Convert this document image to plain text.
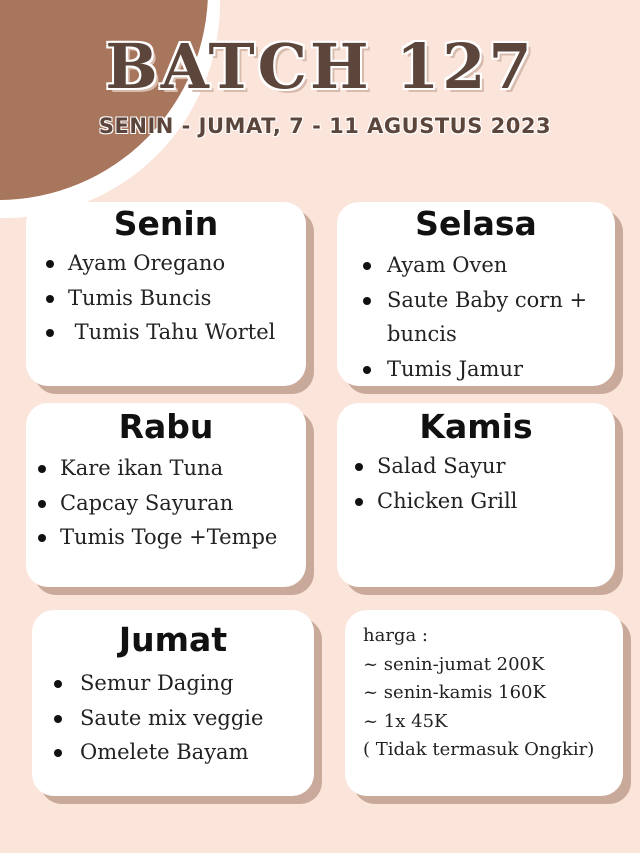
BATCH 127
SENIN - JUMAT, 7 - 11 AGUSTUS 2023
Senin
Ayam Oregano
Tumis Buncis
Tumis Tahu Wortel
Selasa
Ayam Oven
Saute Baby corn +
buncis
Tumis Jamur
Rabu
Kare ikan Tuna
Capcay Sayuran
Tumis Toge +Tempe
Kamis
Salad Sayur
Chicken Grill
Jumat
Semur Daging
Saute mix veggie
Omelete Bayam
harga :
~ senin-jumat 200K
~ senin-kamis 160K
~ 1x 45K
( Tidak termasuk Ongkir)
